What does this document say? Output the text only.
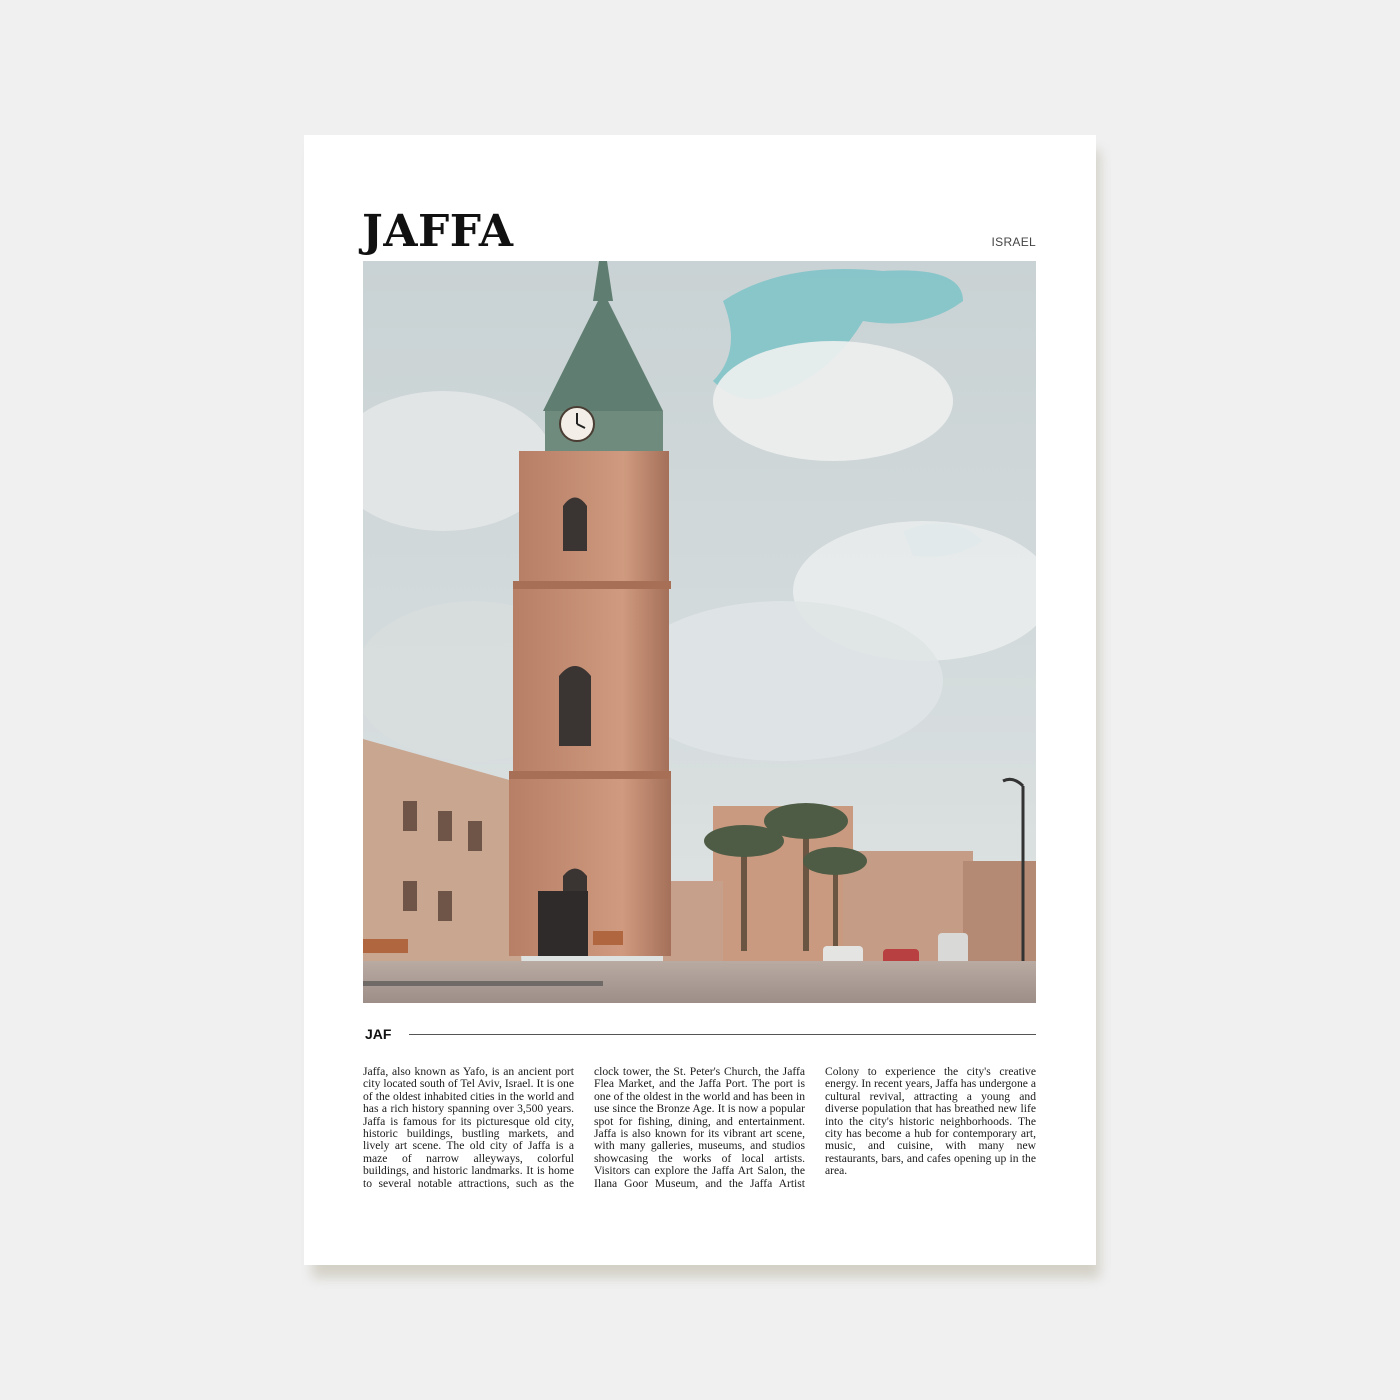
JAFFA	ISRAEL
JAF
Jaffa, also known as Yafo, is an ancient port city located south of Tel Aviv, Israel. It is one of the oldest inhabited cities in the world and has a rich history spanning over 3,500 years. Jaffa is famous for its picturesque old city, historic buildings, bustling markets, and lively art scene. The old city of Jaffa is a maze of narrow alleyways, colorful buildings, and historic landmarks. It is home to several notable attractions, such as the clock tower, the St. Peter's Church, the Jaffa Flea Market, and the Jaffa Port. The port is one of the oldest in the world and has been in use since the Bronze Age. It is now a popular spot for fishing, dining, and entertainment. Jaffa is also known for its vibrant art scene, with many galleries, museums, and studios showcasing the works of local artists. Visitors can explore the Jaffa Art Salon, the Ilana Goor Museum, and the Jaffa Artist Colony to experience the city's creative energy. In recent years, Jaffa has undergone a cultural revival, attracting a young and diverse population that has breathed new life into the city's historic neighborhoods. The city has become a hub for contemporary art, music, and cuisine, with many new restaurants, bars, and cafes opening up in the area.
